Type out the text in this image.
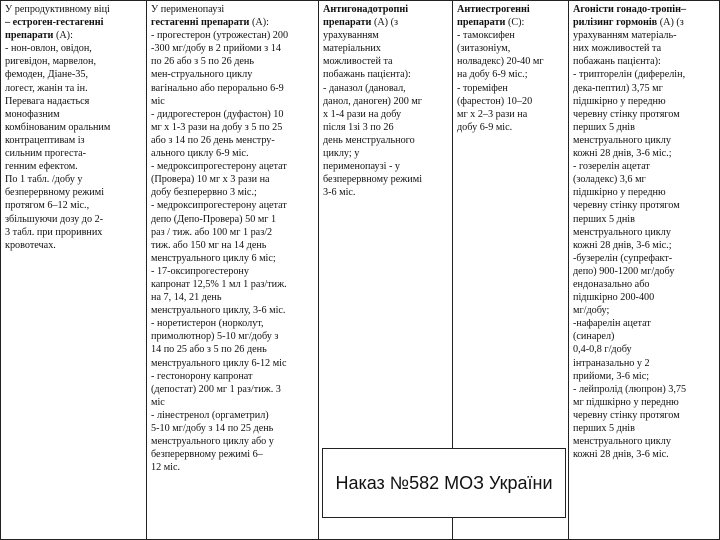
У репродуктивному віці

– естроген-гестагенні

препарати (А):

- нон-овлон, овідон,

ригевідон, марвелон,

фемоден, Діане-35,

логест, жанін та ін.

Перевага надається

монофазним

комбінованим оральним

контрацептивам із

сильним прогеста-

генним ефектом.

По 1 табл. /добу у

безперервному режимі

протягом 6–12 міс.,

збільшуючи дозу до 2-

3 табл. при проривних

кровотечах.

У перименопаузі

гестагенні препарати (А):

- прогестерон (утрожестан) 200

-300 мг/добу в 2 прийоми з 14

по 26 або з 5 по 26 день

мен-струального циклу

вагінально або перорально 6-9

міс

- дидрогестерон (дуфастон) 10

мг х 1-3 рази на добу з 5 по 25

або з 14 по 26 день менстру-

ального циклу 6-9 міс.

- медроксипрогестерону ацетат

(Провера) 10 мг х 3 рази на

добу безперервно 3 міс.;

- медроксипрогестерону ацетат

депо (Депо-Провера) 50 мг 1

раз / тиж. або 100 мг 1 раз/2

тиж. або 150 мг на 14 день

менструального циклу 6 міс;

- 17-оксипрогестерону

капронат 12,5% 1 мл 1 раз/тиж.

на 7, 14, 21 день

менструального циклу, 3-6 міс.

- норетистерон (норколут,

примолютнор) 5-10 мг/добу з

14 по 25 або з 5 по 26 день

менструального циклу 6-12 міс

- гестонорону капронат

(депостат) 200 мг 1 раз/тиж. 3

міс

- лінестренол (оргаметрил)

5-10 мг/добу з 14 по 25 день

менструального циклу або у

безперервному режимі 6–

12 міс.

Антигонадотропні

препарати (А) (з

урахуванням

матеріальних

можливостей та

побажань пацієнта):

- даназол (дановал,

данол, даноген) 200 мг

х 1-4 рази на добу

після 1зі 3 по 26

день менструального

циклу; у

перименопаузі - у

безперервному режимі

3-6 міс.

Антиестрогенні

препарати (С):

- тамоксифен

(зитазоніум,

нолвадекс) 20-40 мг

на добу 6-9 міс.;

- тореміфен

(фарестон) 10–20

мг х 2–3 рази на

добу 6-9 міс.

Агоністи гонадо-тропін–

рилізинг гормонів (А) (з

урахуванням матеріаль-

них можливостей та

побажань пацієнта):

- трипторелін (диферелін,

дека-пептил) 3,75 мг

підшкірно у передню

черевну стінку протягом

перших 5 днів

менструального циклу

кожні 28 днів, 3-6 міс.;

- гозерелін ацетат

(золадекс) 3,6 мг

підшкірно у передню

черевну стінку протягом

перших 5 днів

менструального циклу

кожні 28 днів, 3-6 міс.;

-бузерелін (супрефакт-

депо) 900-1200 мг/добу

ендоназально або

підшкірно 200-400

мг/добу;

-нафарелін ацетат

(синарел)

0,4-0,8 г/добу

інтраназально у 2

прийоми, 3-6 міс;

- лейпролід (люпрон) 3,75

мг підшкірно у передню

черевну стінку протягом

перших 5 днів

менструального циклу

кожні 28 днів, 3-6 міс.

Наказ №582 МОЗ України
